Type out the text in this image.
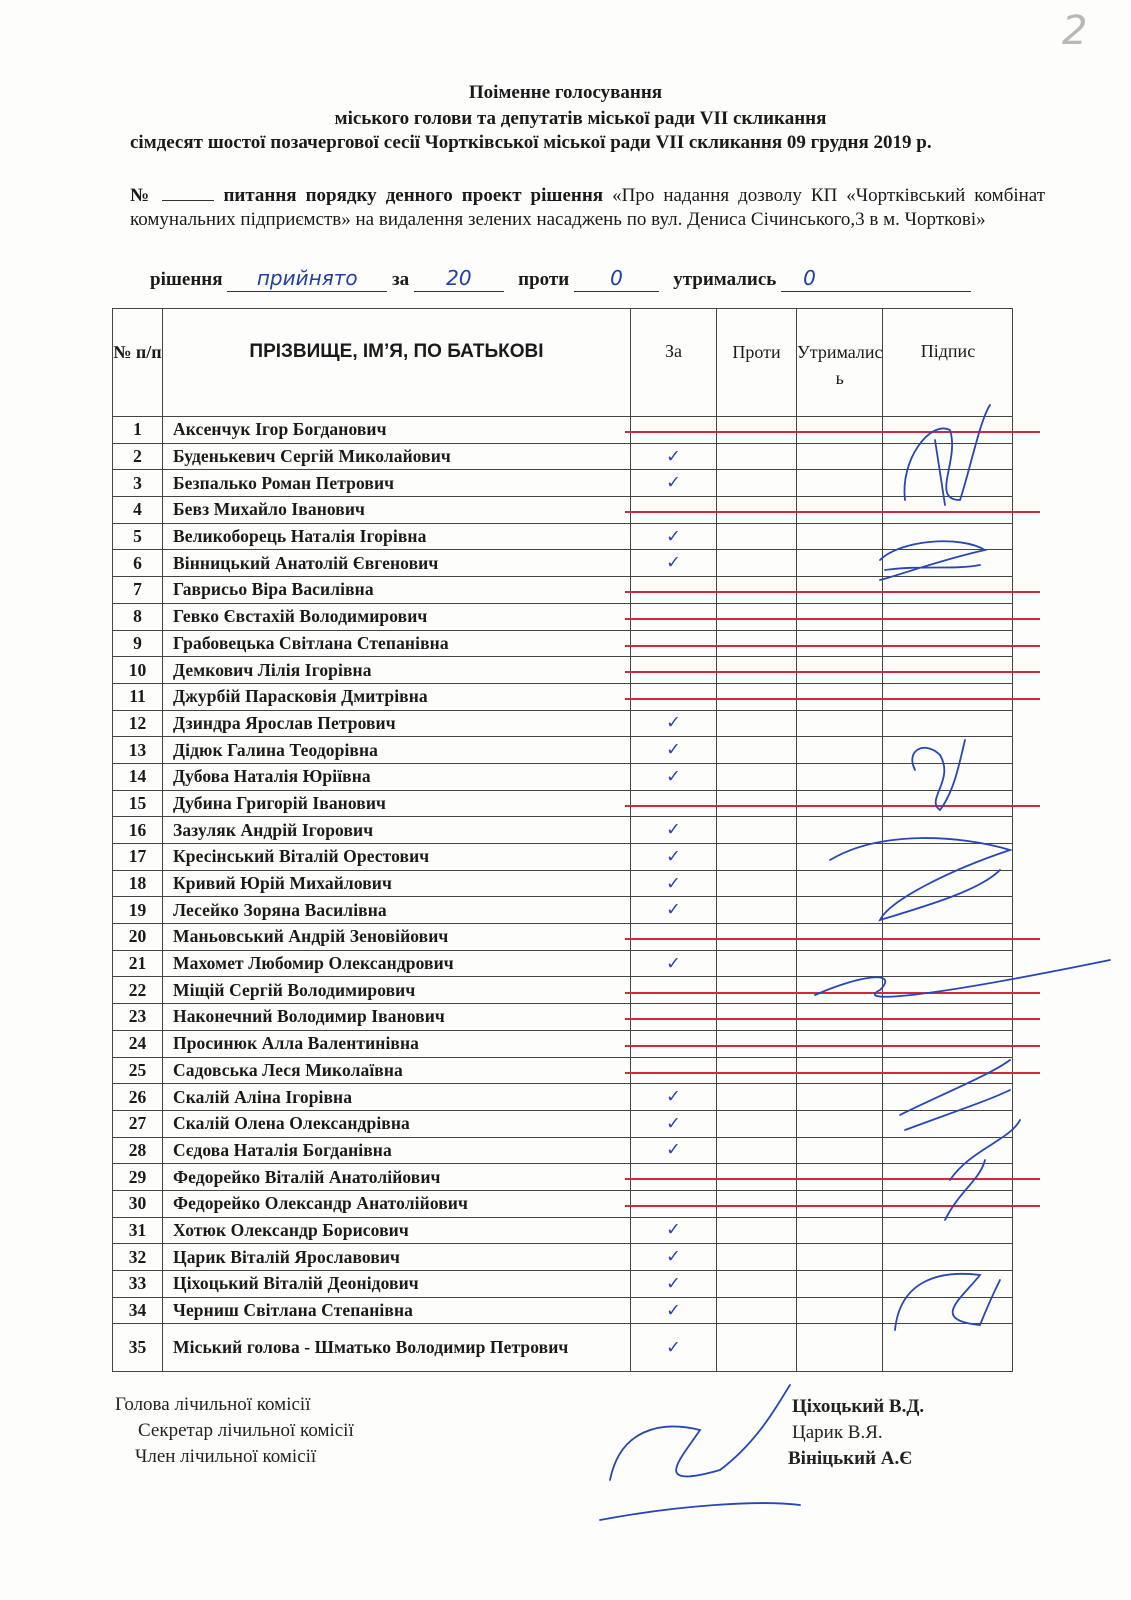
2
Поіменне голосування
міського голови та депутатів міської ради VII скликання
сімдесят шостої позачергової сесії Чортківської міської ради VII скликання 09 грудня 2019 р.
№	питання порядку денного проект рішення «Про надання дозволу КП «Чортківський комбінат комунальних підприємств» на видалення зелених насаджень по вул. Дениса Січинського,3 в м. Чорткові»
рішення прийнято за 20 проти 0	утримались 0
№ п/п	ПРІЗВИЩЕ, ІМ’Я, ПО БАТЬКОВІ	За	Проти	Утрималис ь	Підпис
1	Аксенчук Ігор Богданович				
2	Буденькевич Сергій Миколайович	✓			
3	Безпалько Роман Петрович	✓			
4	Бевз Михайло Іванович				
5	Великоборець Наталія Ігорівна	✓			
6	Вінницький Анатолій Євгенович	✓			
7	Гаврисьо Віра Василівна				
8	Гевко Євстахій Володимирович				
9	Грабовецька Світлана Степанівна				
10	Демкович Лілія Ігорівна				
11	Джурбій Парасковія Дмитрівна				
12	Дзиндра Ярослав Петрович	✓			
13	Дідюк Галина Теодорівна	✓			
14	Дубова Наталія Юріївна	✓			
15	Дубина Григорій Іванович				
16	Зазуляк Андрій Ігорович	✓			
17	Кресінський Віталій Орестович	✓			
18	Кривий Юрій Михайлович	✓			
19	Лесейко Зоряна Василівна	✓			
20	Маньовський Андрій Зеновійович				
21	Махомет Любомир Олександрович	✓			
22	Міщій Сергій Володимирович				
23	Наконечний Володимир Іванович				
24	Просинюк Алла Валентинівна				
25	Садовська Леся Миколаївна				
26	Скалій Аліна Ігорівна	✓			
27	Скалій Олена Олександрівна	✓			
28	Сєдова Наталія Богданівна	✓			
29	Федорейко Віталій Анатолійович				
30	Федорейко Олександр Анатолійович				
31	Хотюк Олександр Борисович	✓			
32	Царик Віталій Ярославович	✓			
33	Ціхоцький Віталій Деонідович	✓			
34	Черниш Світлана Степанівна	✓			
35	Міський голова - Шматько Володимир Петрович	✓			
Голова лічильної комісії
Секретар лічильної комісії
Член лічильної комісії
Ціхоцький В.Д.
Царик В.Я.
Вініцький А.Є
